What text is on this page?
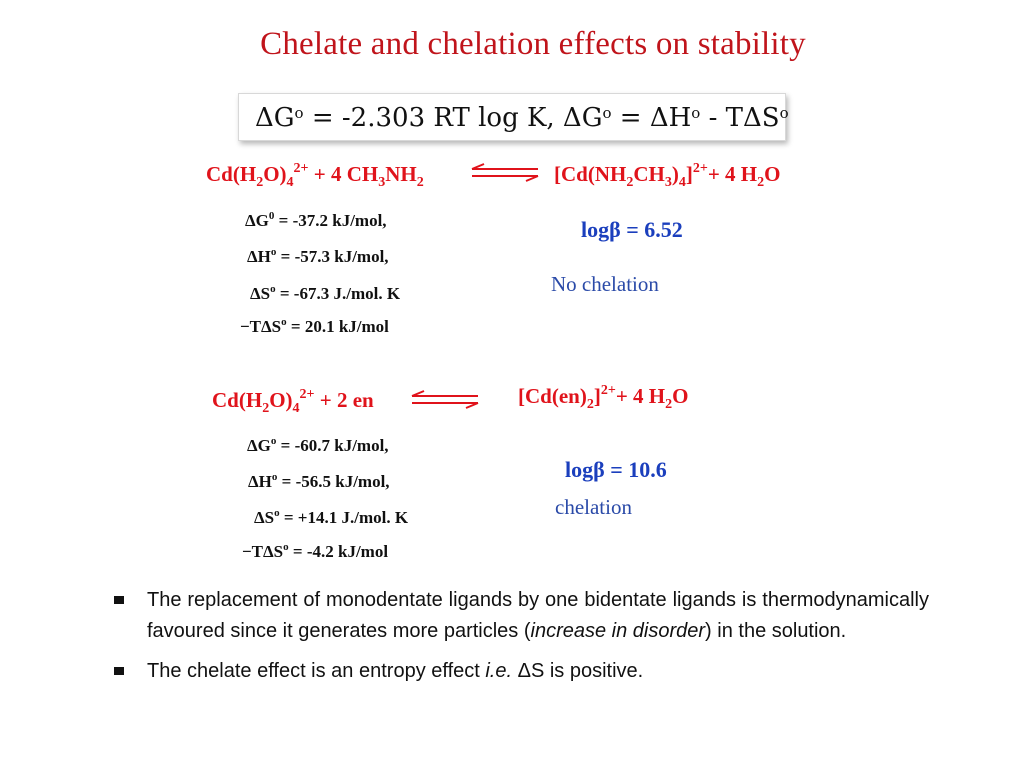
Chelate and chelation effects on stability
$\Delta G^o = -2.303$ RT log K, $\Delta G^o = \Delta H^o - T\Delta S^o$
$Cd(H_2O)_4^{2+} + 4$ $CH_3NH_2$	$[Cd(NH_2CH_3)_4]^{2+}+ 4$ $H_2O$
$\Delta G^0 = -37.2$ kJ/mol,
$\Delta H^o = -57.3$ kJ/mol,
$\Delta S^o = -67.3$ J./mol. K
$-T\Delta S^o = 20.1$ kJ/mol
logβ = 6.52
No chelation
$Cd(H_2O)_4^{2+} + 2$ en	$[Cd(en)_2]^{2+}+ 4$ $H_2O$
$\Delta G^o = -60.7$ kJ/mol,
$\Delta H^o = -56.5$ kJ/mol,
$\Delta S^o = +14.1$ J./mol. K
$-T\Delta S^o = -4.2$ kJ/mol
logβ = 10.6
chelation
The replacement of monodentate ligands by one bidentate ligands is thermodynamically favoured since it generates more particles (increase in disorder) in the solution.
The chelate effect is an entropy effect i.e. ΔS is positive.
